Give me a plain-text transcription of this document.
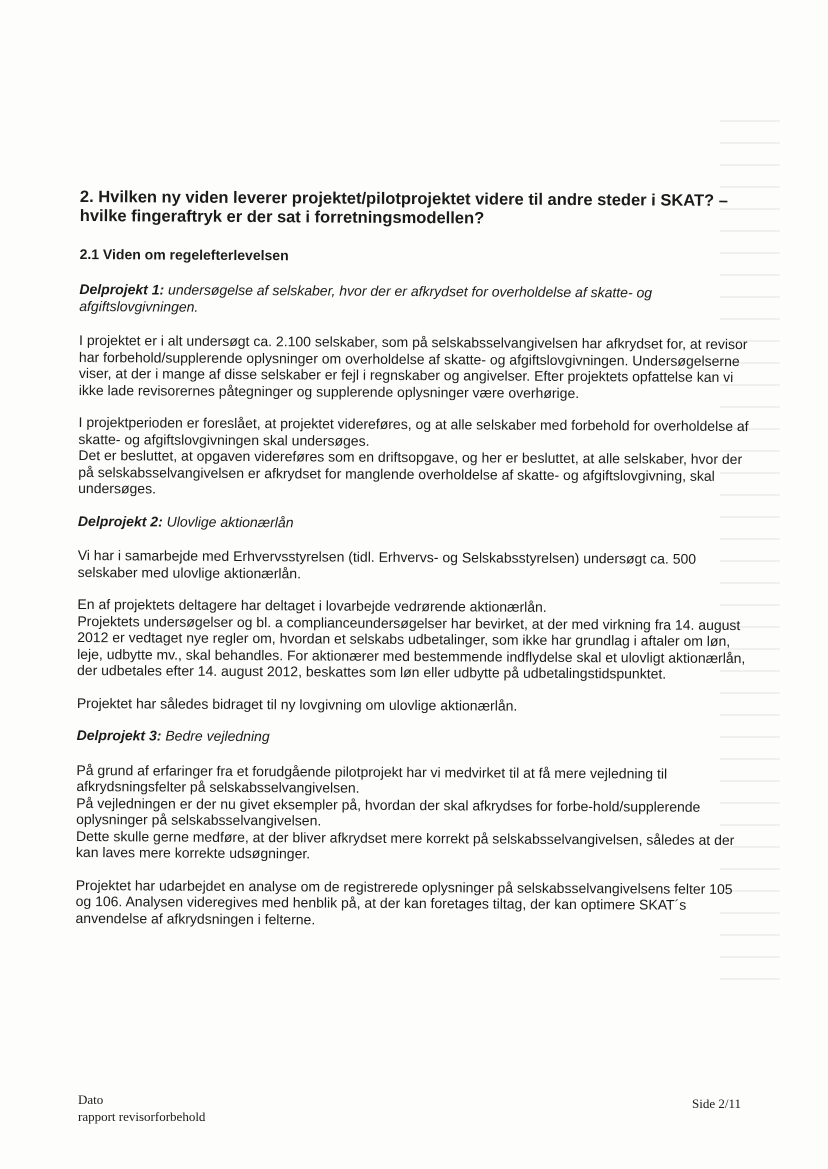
2. Hvilken ny viden leverer projektet/pilotprojektet videre til andre steder i SKAT? – hvilke fingeraftryk er der sat i forretningsmodellen?
2.1 Viden om regelefterlevelsen

Delprojekt 1: undersøgelse af selskaber, hvor der er afkrydset for overholdelse af skatte- og afgiftslovgivningen.

I projektet er i alt undersøgt ca. 2.100 selskaber, som på selskabsselvangivelsen har afkrydset for, at revisor har forbehold/supplerende oplysninger om overholdelse af skatte- og afgiftslovgivningen. Undersøgelserne viser, at der i mange af disse selskaber er fejl i regnskaber og angivelser. Efter projektets opfattelse kan vi ikke lade revisorernes påtegninger og supplerende oplysninger være overhørige.

I projektperioden er foreslået, at projektet videreføres, og at alle selskaber med forbehold for overholdelse af skatte- og afgiftslovgivningen skal undersøges.

Det er besluttet, at opgaven videreføres som en driftsopgave, og her er besluttet, at alle selskaber, hvor der på selskabsselvangivelsen er afkrydset for manglende overholdelse af skatte- og afgiftslovgivning, skal undersøges.

Delprojekt 2: Ulovlige aktionærlån

Vi har i samarbejde med Erhvervsstyrelsen (tidl. Erhvervs- og Selskabsstyrelsen) undersøgt ca. 500 selskaber med ulovlige aktionærlån.

En af projektets deltagere har deltaget i lovarbejde vedrørende aktionærlån.

Projektets undersøgelser og bl. a complianceundersøgelser har bevirket, at der med virkning fra 14. august 2012 er vedtaget nye regler om, hvordan et selskabs udbetalinger, som ikke har grundlag i aftaler om løn, leje, udbytte mv., skal behandles. For aktionærer med bestemmende indflydelse skal et ulovligt aktionærlån, der udbetales efter 14. august 2012, beskattes som løn eller udbytte på udbetalingstidspunktet.

Projektet har således bidraget til ny lovgivning om ulovlige aktionærlån.

Delprojekt 3: Bedre vejledning

På grund af erfaringer fra et forudgående pilotprojekt har vi medvirket til at få mere vejledning til afkrydsningsfelter på selskabsselvangivelsen.

På vejledningen er der nu givet eksempler på, hvordan der skal afkrydses for forbe-hold/supplerende oplysninger på selskabsselvangivelsen.

Dette skulle gerne medføre, at der bliver afkrydset mere korrekt på selskabsselvangivelsen, således at der kan laves mere korrekte udsøgninger.

Projektet har udarbejdet en analyse om de registrerede oplysninger på selskabsselvangivelsens felter 105 og 106. Analysen videregives med henblik på, at der kan foretages tiltag, der kan optimere SKAT´s anvendelse af afkrydsningen i felterne.

Dato
rapport revisorforbehold
Side 2/11
